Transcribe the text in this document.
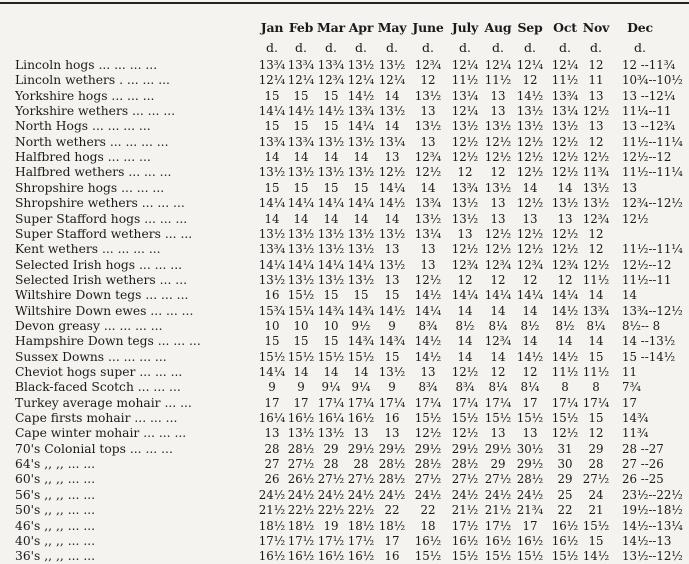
Jan Feb Mar Apr May June July Aug Sep Oct Nov Dec
d. d. d. d. d. d. d. d. d. d. d.	d.
Lincoln hogs ... ... ... ...	13¾ 13¾ 13¾ 13½ 13½ 12¾ 12¼ 12¼ 12¼ 12¼ 12 12 --11¾
Lincoln wethers . ... ... ...	12¼ 12¼ 12¾ 12¼ 12¼ 12 11½ 11½ 12 11½ 11 10¾--10½
Yorkshire hogs ... ... ...	15 15 15 14½ 14 13½ 13¼ 13 14½ 13¾ 13 13 --12¼
Yorkshire wethers ... ... ...	14¼ 14½ 14½ 13¾ 13½ 13 12¼ 13 13½ 13¼ 12½ 11¼--11
North Hogs ... ... ... ...	15 15 15 14¼ 14 13½ 13½ 13½ 13½ 13½ 13 13 --12¾
North wethers ... ... ... ...	13¾ 13¾ 13½ 13½ 13¼ 13 12½ 12½ 12½ 12½ 12 11½--11¼
Halfbred hogs ... ... ...	14 14 14 14 13 12¾ 12½ 12½ 12½ 12½ 12½ 12½--12
Halfbred wethers ... ... ...	13½ 13½ 13½ 13½ 12½ 12½ 12 12 12½ 12½ 11¾ 11½--11¼
Shropshire hogs ... ... ...	15 15 15 15 14¼ 14 13¾ 13½ 14 14 13½ 13
Shropshire wethers ... ... ...	14¼ 14¼ 14¼ 14¼ 14½ 13¾ 13½ 13 12½ 13½ 13½ 12¾--12½
Super Stafford hogs ... ... ...	14 14 14 14 14 13½ 13½ 13 13 13 12¾ 12½
Super Stafford wethers ... ...	13½ 13½ 13½ 13½ 13½ 13¼ 13 12½ 12½ 12½ 12
Kent wethers ... ... ... ...	13¾ 13½ 13½ 13½ 13 13 12½ 12½ 12½ 12½ 12 11½--11¼
Selected Irish hogs ... ... ...	14¼ 14¼ 14¼ 14¼ 13½ 13 12¾ 12¾ 12¾ 12¾ 12½ 12½--12
Selected Irish wethers ... ...	13½ 13½ 13½ 13½ 13 12½ 12 12 12 12 11½ 11½--11
Wiltshire Down tegs ... ... ...	16 15½ 15 15 15 14½ 14¼ 14¼ 14¼ 14¼ 14 14
Wiltshire Down ewes ... ... ...	15¾ 15¼ 14¾ 14¾ 14½ 14¼ 14 14 14 14½ 13¾ 13¾--12½
Devon greasy ... ... ... ...	10 10 10 9½ 9 8¾ 8½ 8¼ 8½ 8½ 8¼ 8½-- 8
Hampshire Down tegs ... ... ...	15 15 15 14¾ 14¾ 14½ 14 12¾ 14 14 14 14 --13½
Sussex Downs ... ... ... ...	15½ 15½ 15½ 15½ 15 14½ 14 14 14½ 14½ 15 15 --14½
Cheviot hogs super ... ... ...	14¼ 14 14 14 13½ 13 12½ 12 12 11½ 11½ 11
Black-faced Scotch ... ... ...	9 9 9¼ 9¼ 9 8¾ 8¾ 8¼ 8¼ 8 8 7¾
Turkey average mohair ... ...	17 17 17¼ 17¼ 17¼ 17¼ 17¼ 17¼ 17 17¼ 17¼ 17
Cape firsts mohair ... ... ...	16¼ 16½ 16¼ 16½ 16 15½ 15½ 15½ 15½ 15½ 15 14¾
Cape winter mohair ... ... ...	13 13½ 13½ 13 13 12½ 12½ 13 13 12½ 12 11¾
70's Colonial tops ... ... ...	28 28½ 29 29½ 29½ 29½ 29½ 29½ 30½ 31 29 28 --27
64's ,, ,, ... ...	27 27½ 28 28 28½ 28½ 28½ 29 29½ 30 28 27 --26
60's ,, ,, ... ...	26 26½ 27½ 27½ 28½ 27½ 27½ 27½ 28½ 29 27½ 26 --25
56's ,, ,, ... ...	24½ 24½ 24½ 24½ 24½ 24½ 24½ 24½ 24½ 25 24 23½--22½
50's ,, ,, ... ...	21½ 22½ 22½ 22½ 22 22 21½ 21½ 21¾ 22 21 19½--18½
46's ,, ,, ... ...	18½ 18½ 19 18½ 18½ 18 17½ 17½ 17 16½ 15½ 14½--13¼
40's ,, ,, ... ...	17½ 17½ 17½ 17½ 17 16½ 16½ 16½ 16½ 16½ 15 14½--13
36's ,, ,, ... ...	16½ 16½ 16½ 16½ 16 15½ 15½ 15½ 15½ 15½ 14½ 13½--12½
